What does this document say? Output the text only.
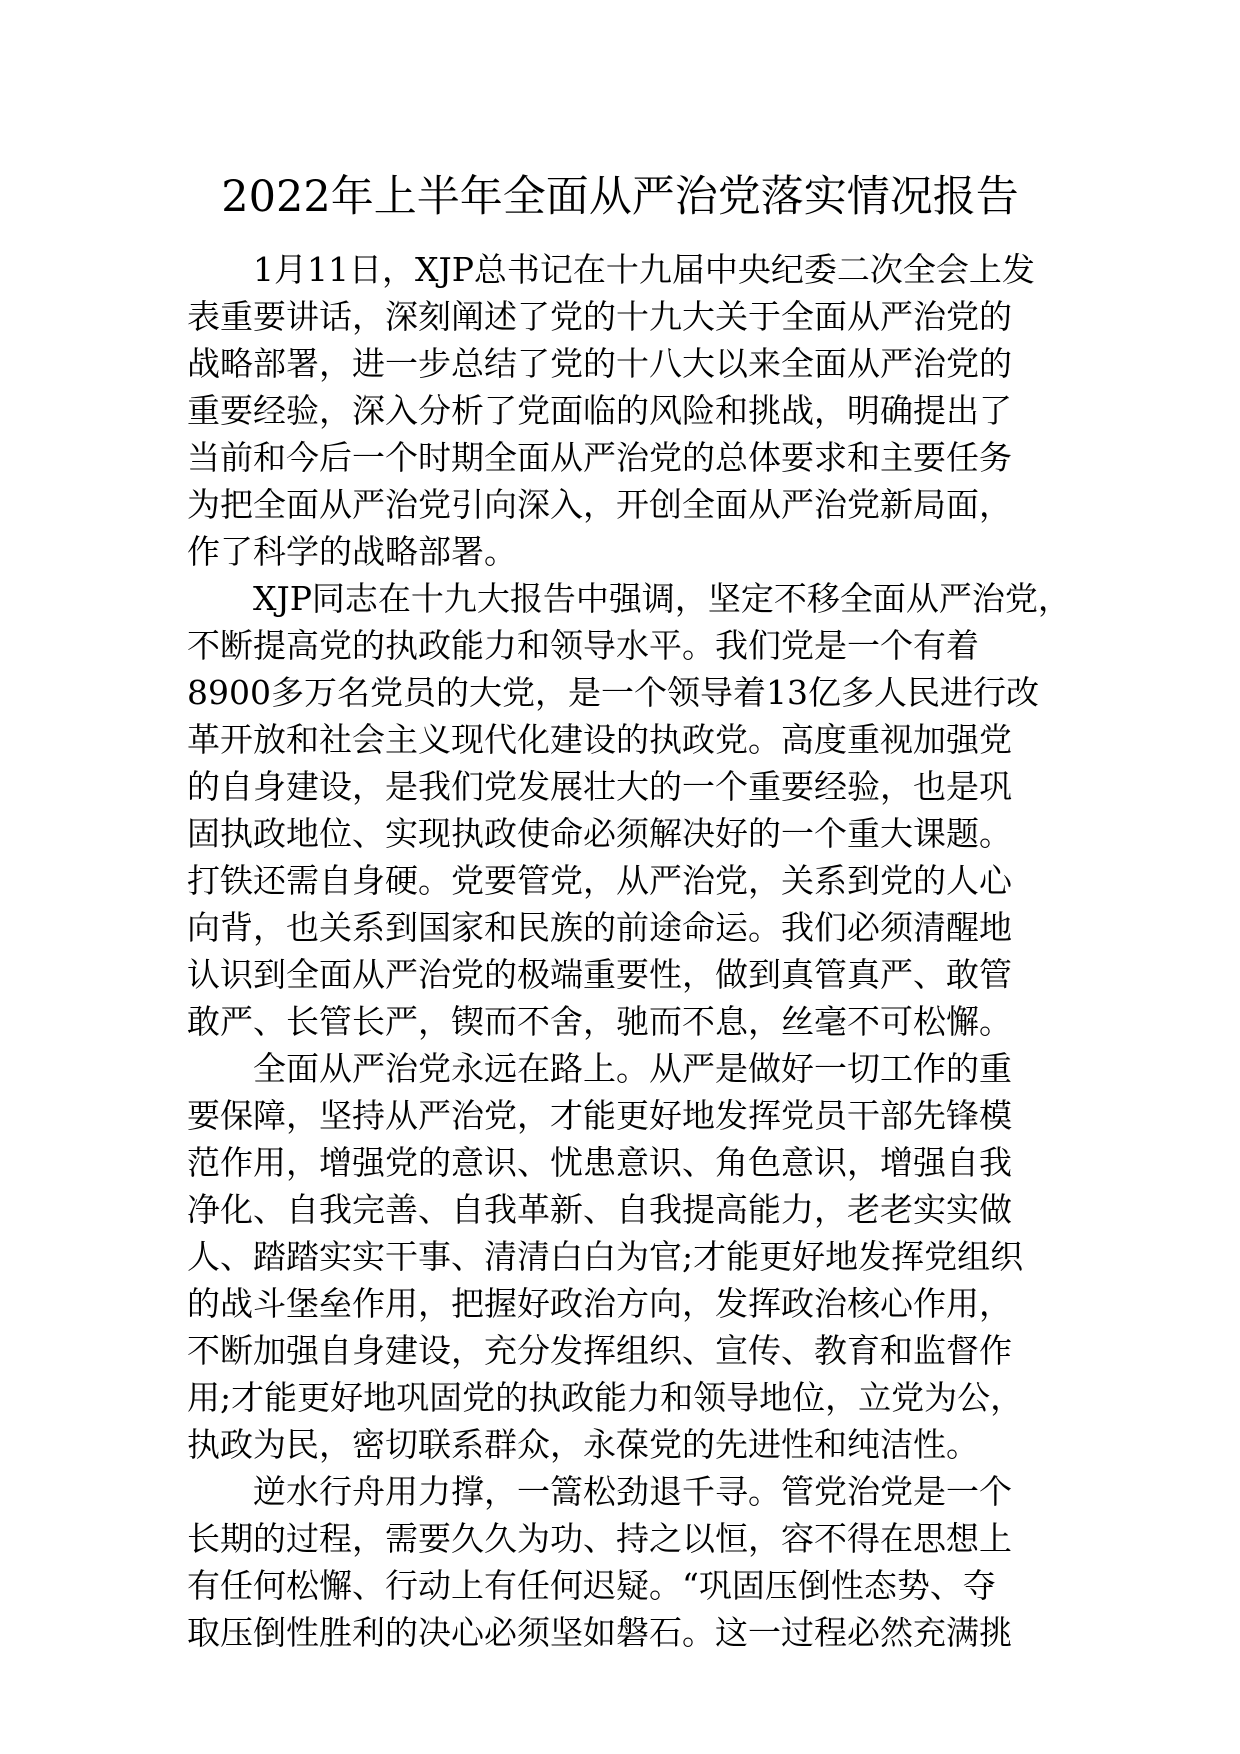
2022年上半年全面从严治党落实情况报告
1月11日，XJP总书记在十九届中央纪委二次全会上发
表重要讲话，深刻阐述了党的十九大关于全面从严治党的
战略部署，进一步总结了党的十八大以来全面从严治党的
重要经验，深入分析了党面临的风险和挑战，明确提出了
当前和今后一个时期全面从严治党的总体要求和主要任务
为把全面从严治党引向深入，开创全面从严治党新局面，
作了科学的战略部署。
XJP同志在十九大报告中强调，坚定不移全面从严治党，
不断提高党的执政能力和领导水平。我们党是一个有着
8900多万名党员的大党，是一个领导着13亿多人民进行改
革开放和社会主义现代化建设的执政党。高度重视加强党
的自身建设，是我们党发展壮大的一个重要经验，也是巩
固执政地位、实现执政使命必须解决好的一个重大课题。
打铁还需自身硬。党要管党，从严治党，关系到党的人心
向背，也关系到国家和民族的前途命运。我们必须清醒地
认识到全面从严治党的极端重要性，做到真管真严、敢管
敢严、长管长严，锲而不舍，驰而不息，丝毫不可松懈。
全面从严治党永远在路上。从严是做好一切工作的重
要保障，坚持从严治党，才能更好地发挥党员干部先锋模
范作用，增强党的意识、忧患意识、角色意识，增强自我
净化、自我完善、自我革新、自我提高能力，老老实实做
人、踏踏实实干事、清清白白为官;才能更好地发挥党组织
的战斗堡垒作用，把握好政治方向，发挥政治核心作用，
不断加强自身建设，充分发挥组织、宣传、教育和监督作
用;才能更好地巩固党的执政能力和领导地位，立党为公，
执政为民，密切联系群众，永葆党的先进性和纯洁性。
逆水行舟用力撑，一篙松劲退千寻。管党治党是一个
长期的过程，需要久久为功、持之以恒，容不得在思想上
有任何松懈、行动上有任何迟疑。“巩固压倒性态势、夺
取压倒性胜利的决心必须坚如磐石。这一过程必然充满挑
